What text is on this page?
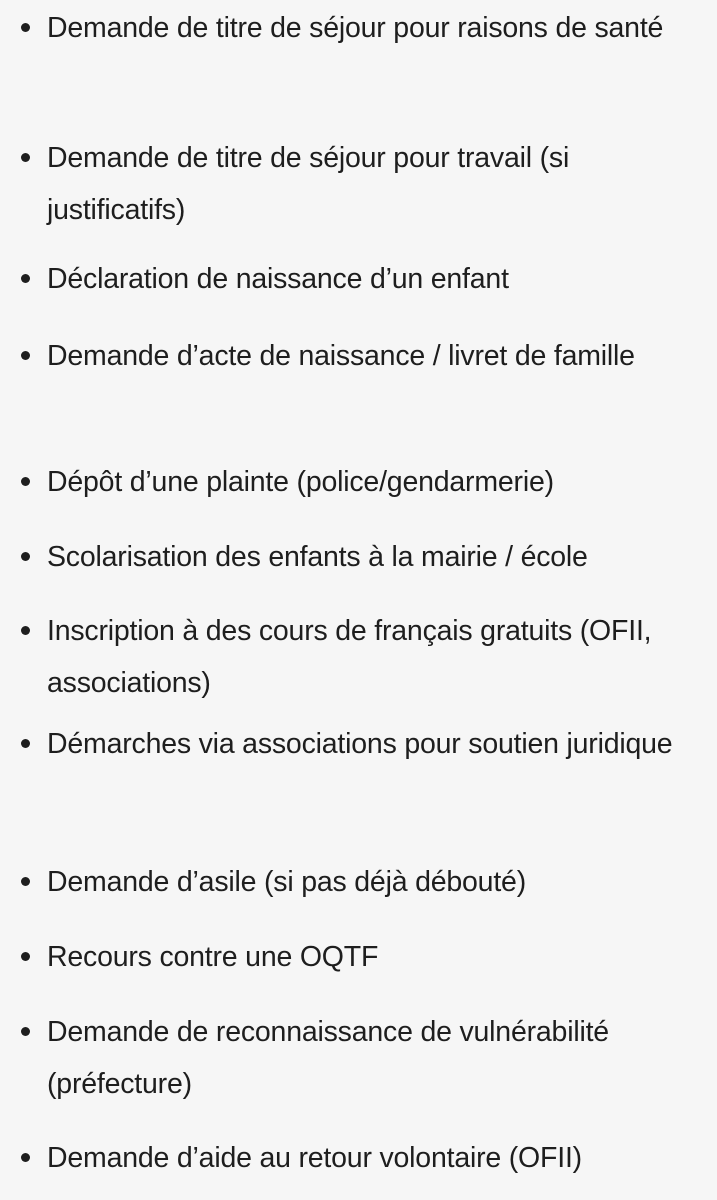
Demande de titre de séjour pour raisons de santé
Demande de titre de séjour pour travail (si justificatifs)
Déclaration de naissance d’un enfant
Demande d’acte de naissance / livret de famille
Dépôt d’une plainte (police/gendarmerie)
Scolarisation des enfants à la mairie / école
Inscription à des cours de français gratuits (OFII, associations)
Démarches via associations pour soutien juridique
Demande d’asile (si pas déjà débouté)
Recours contre une OQTF
Demande de reconnaissance de vulnérabilité (préfecture)
Demande d’aide au retour volontaire (OFII)
